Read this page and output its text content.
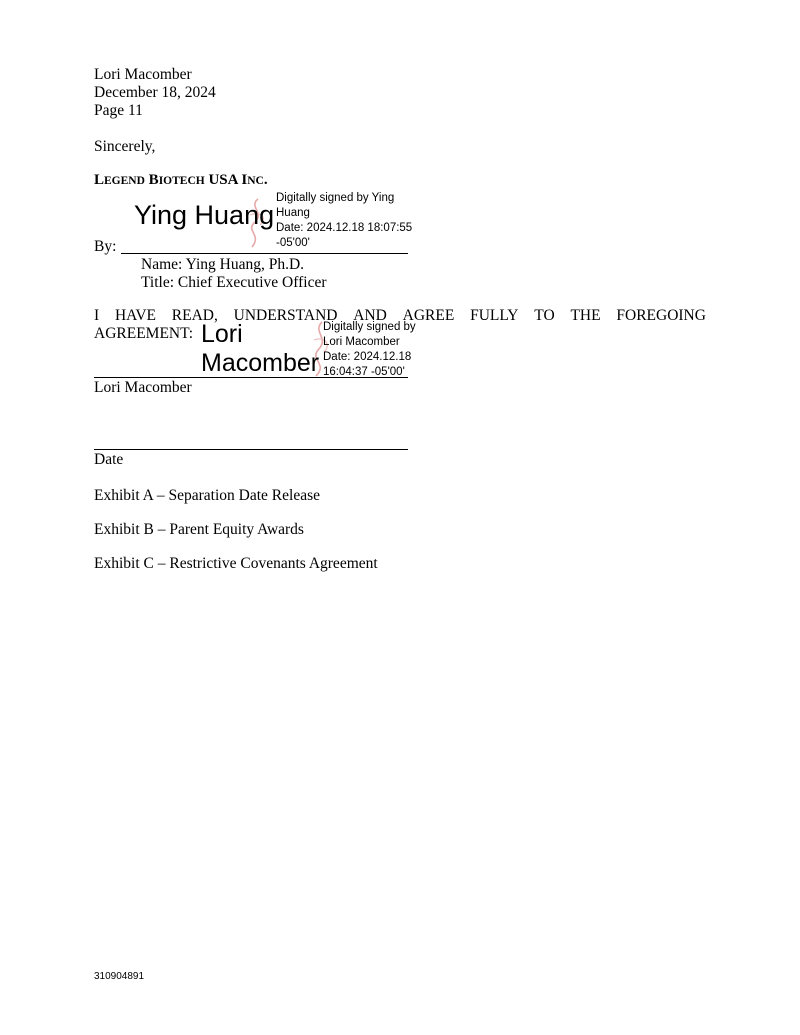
Lori Macomber
December 18, 2024
Page 11
Sincerely,
LEGEND BIOTECH USA INC.
Ying Huang
Digitally signed by Ying
Huang
Date: 2024.12.18 18:07:55
-05'00'
By:
Name: Ying Huang, Ph.D.
Title: Chief Executive Officer
I HAVE READ, UNDERSTAND AND AGREE FULLY TO THE FOREGOING
AGREEMENT: Lori
Macomber
Digitally signed by
Lori Macomber
Date: 2024.12.18
16:04:37 -05'00'
Lori Macomber
Date
Exhibit A – Separation Date Release
Exhibit B – Parent Equity Awards
Exhibit C – Restrictive Covenants Agreement
310904891
